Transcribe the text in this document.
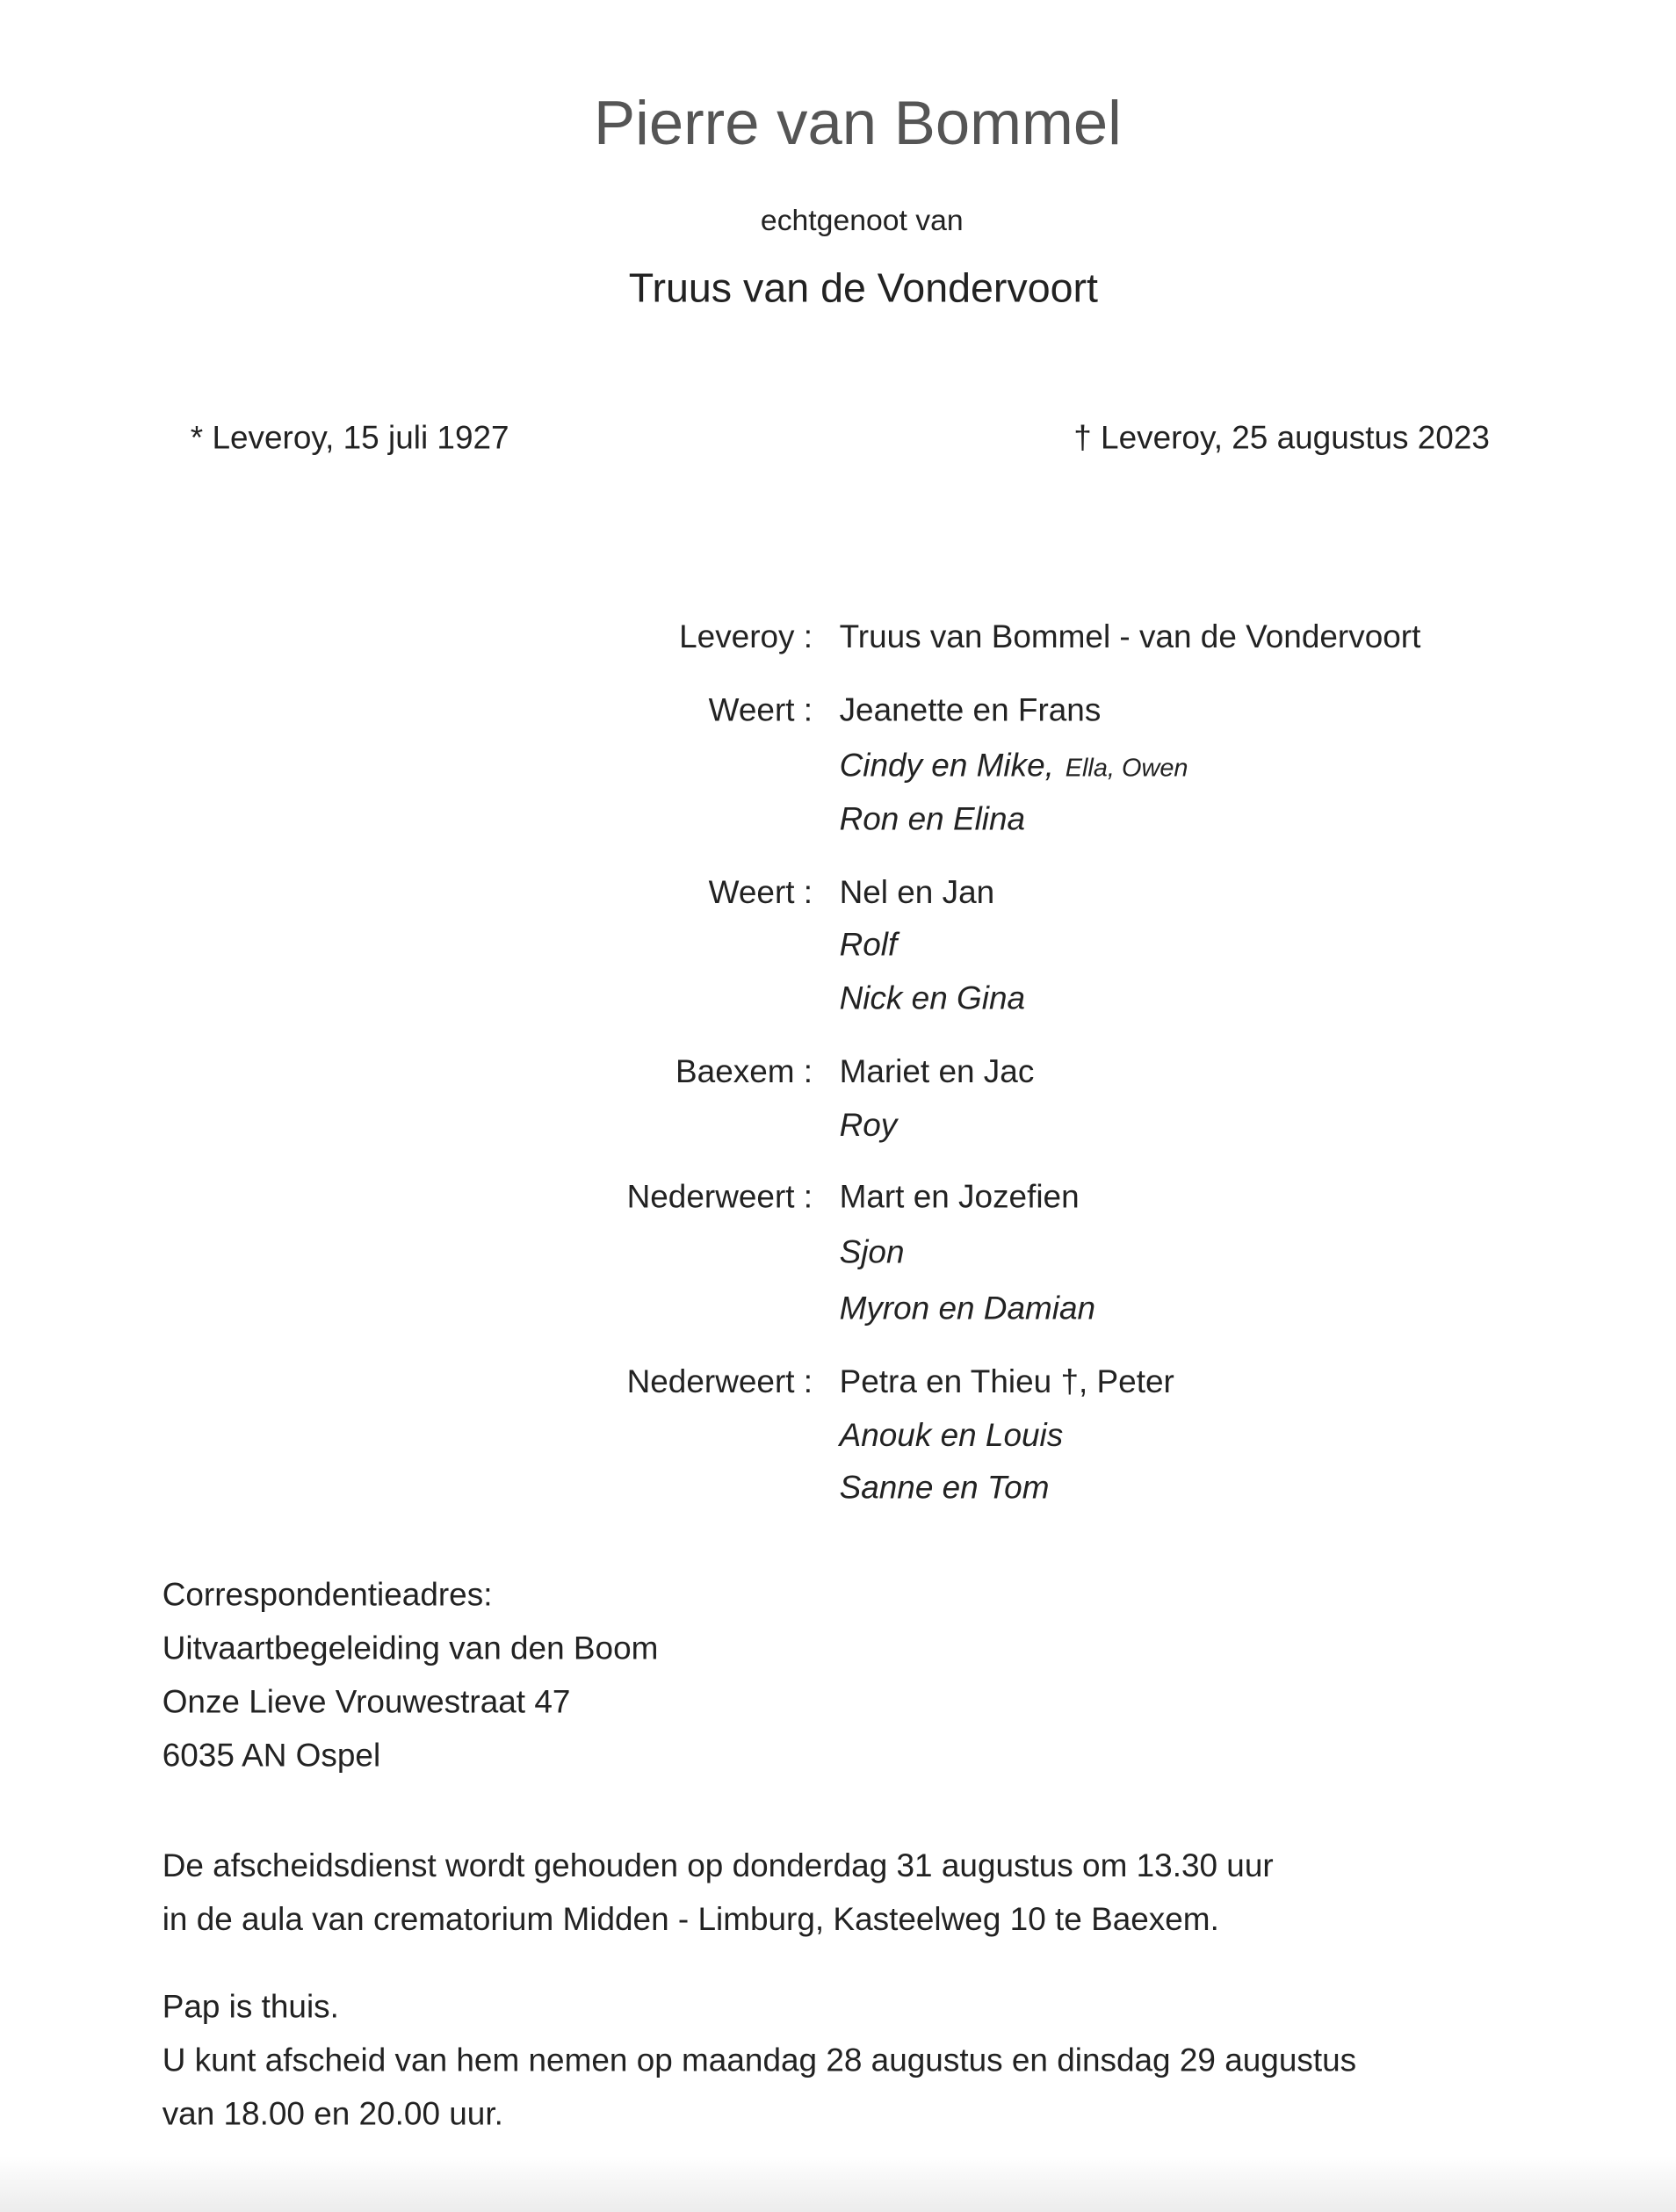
Pierre van Bommel
echtgenoot van
Truus van de Vondervoort
* Leveroy, 15 juli 1927	† Leveroy, 25 augustus 2023
Leveroy : Truus van Bommel - van de Vondervoort
Weert : Jeanette en Frans
Cindy en Mike, Ella, Owen
Ron en Elina
Weert : Nel en Jan
Rolf
Nick en Gina
Baexem : Mariet en Jac
Roy
Nederweert : Mart en Jozefien
Sjon
Myron en Damian
Nederweert : Petra en Thieu †, Peter
Anouk en Louis
Sanne en Tom
Correspondentieadres:
Uitvaartbegeleiding van den Boom
Onze Lieve Vrouwestraat 47
6035 AN Ospel
De afscheidsdienst wordt gehouden op donderdag 31 augustus om 13.30 uur
in de aula van crematorium Midden - Limburg, Kasteelweg 10 te Baexem.
Pap is thuis.
U kunt afscheid van hem nemen op maandag 28 augustus en dinsdag 29 augustus
van 18.00 en 20.00 uur.
